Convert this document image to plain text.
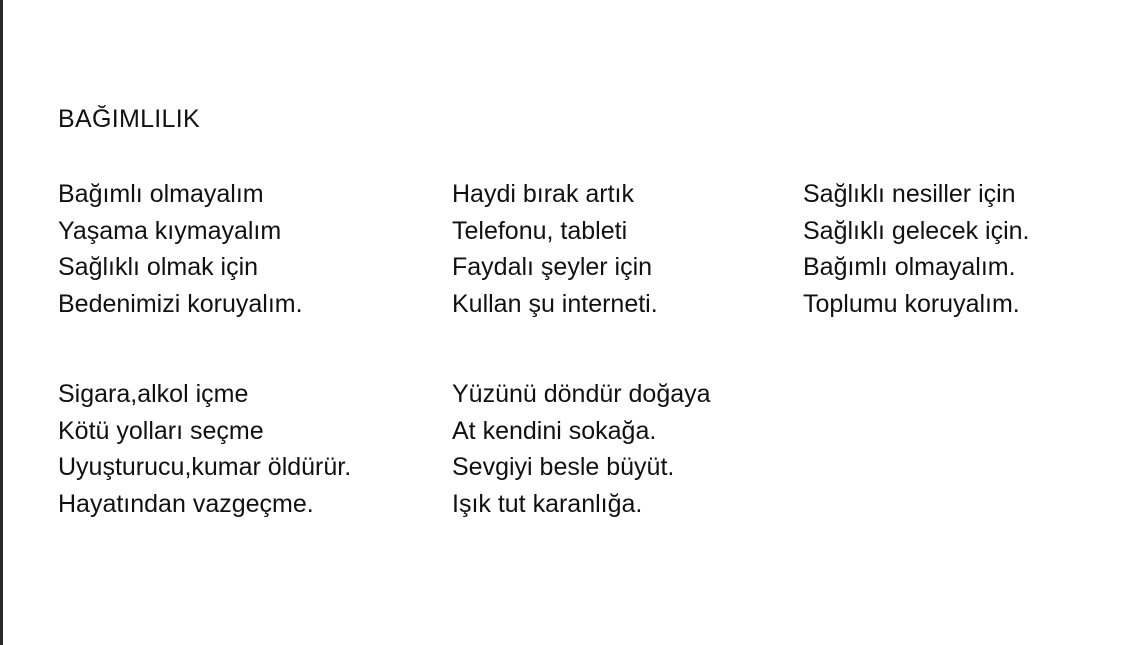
BAĞIMLILIK
Bağımlı olmayalım
Yaşama kıymayalım
Sağlıklı olmak için
Bedenimizi koruyalım.
Sigara,alkol içme
Kötü yolları seçme
Uyuşturucu,kumar öldürür.
Hayatından vazgeçme.
Haydi bırak artık
Telefonu, tableti
Faydalı şeyler için
Kullan şu interneti.
Yüzünü döndür doğaya
At kendini sokağa.
Sevgiyi besle büyüt.
Işık tut karanlığa.
Sağlıklı nesiller için
Sağlıklı gelecek için.
Bağımlı olmayalım.
Toplumu koruyalım.
